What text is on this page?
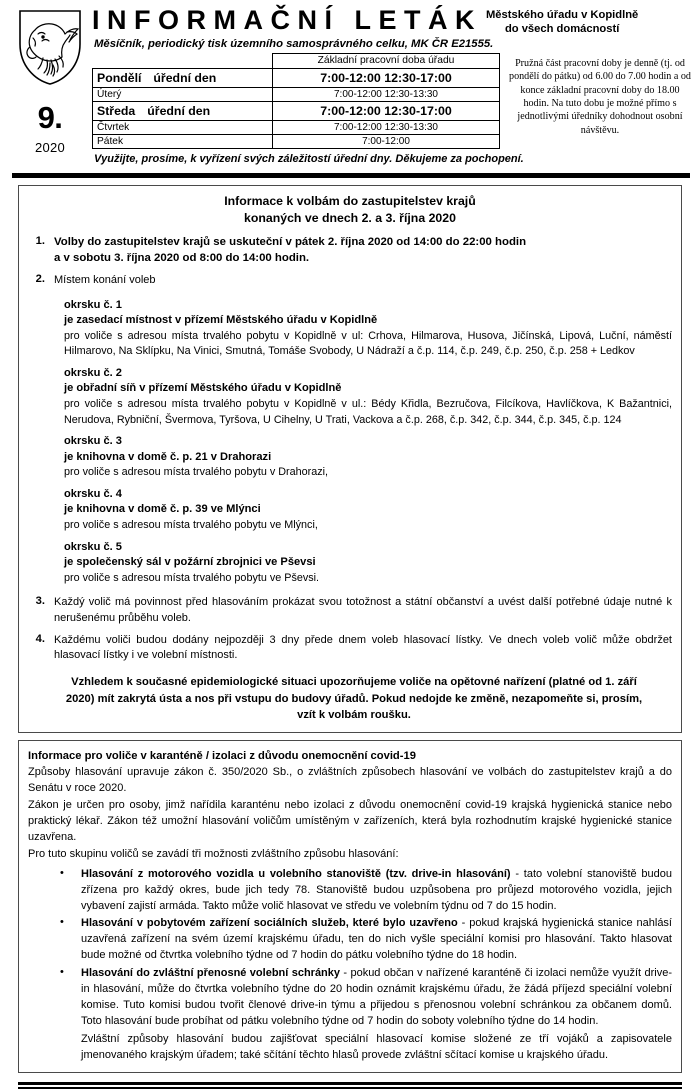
9.
2020
INFORMAČNÍ LETÁK Městského úřadu v Kopidlně
do všech domácností
Měsíčník, periodický tisk územního samosprávného celku, MK ČR E21555.
	Základní pracovní doba úřadu
Pondělí úřední den	7:00-12:00 12:30-17:00
Úterý	7:00-12:00 12:30-13:30
Středa úřední den	7:00-12:00 12:30-17:00
Čtvrtek	7:00-12:00 12:30-13:30
Pátek	7:00-12:00
Pružná část pracovní doby je denně (tj. od pondělí do pátku) od 6.00 do 7.00 hodin a od konce základní pracovní doby do 18.00 hodin. Na tuto dobu je možné přímo s jednotlivými úředníky dohodnout osobní návštěvu.
Využijte, prosíme, k vyřízení svých záležitostí úřední dny. Děkujeme za pochopení.
Informace k volbám do zastupitelstev krajů
konaných ve dnech 2. a 3. října 2020
1. Volby do zastupitelstev krajů se uskuteční v pátek 2. října 2020 od 14:00 do 22:00 hodin
a v sobotu 3. října 2020 od 8:00 do 14:00 hodin.
2. Místem konání voleb
okrsku č. 1
je zasedací místnost v přízemí Městského úřadu v Kopidlně
pro voliče s adresou místa trvalého pobytu v Kopidlně v ul: Crhova, Hilmarova, Husova, Jičínská, Lipová, Luční, náměstí Hilmarovo, Na Sklípku, Na Vinici, Smutná, Tomáše Svobody, U Nádraží a č.p. 114, č.p. 249, č.p. 250, č.p. 258 + Ledkov
okrsku č. 2
je obřadní síň v přízemí Městského úřadu v Kopidlně
pro voliče s adresou místa trvalého pobytu v Kopidlně v ul.: Bédy Křidla, Bezručova, Filcíkova, Havlíčkova, K Bažantnici, Nerudova, Rybniční, Švermova, Tyršova, U Cihelny, U Trati, Vackova a č.p. 268, č.p. 342, č.p. 344, č.p. 345, č.p. 124
okrsku č. 3
je knihovna v domě č. p. 21 v Drahorazi
pro voliče s adresou místa trvalého pobytu v Drahorazi,
okrsku č. 4
je knihovna v domě č. p. 39 ve Mlýnci
pro voliče s adresou místa trvalého pobytu ve Mlýnci,
okrsku č. 5
je společenský sál v požární zbrojnici ve Pševsi
pro voliče s adresou místa trvalého pobytu ve Pševsi.
3. Každý volič má povinnost před hlasováním prokázat svou totožnost a státní občanství a uvést další potřebné údaje nutné k nerušenému průběhu voleb.
4. Každému voliči budou dodány nejpozději 3 dny přede dnem voleb hlasovací lístky. Ve dnech voleb volič může obdržet hlasovací lístky i ve volební místnosti.
Vzhledem k současné epidemiologické situaci upozorňujeme voliče na opětovné nařízení (platné od 1. září 2020) mít zakrytá ústa a nos při vstupu do budovy úřadů. Pokud nedojde ke změně, nezapomeňte si, prosím, vzít k volbám roušku.
Informace pro voliče v karanténě / izolaci z důvodu onemocnění covid-19
Způsoby hlasování upravuje zákon č. 350/2020 Sb., o zvláštních způsobech hlasování ve volbách do zastupitelstev krajů a do Senátu v roce 2020.
Zákon je určen pro osoby, jimž nařídila karanténu nebo izolaci z důvodu onemocnění covid-19 krajská hygienická stanice nebo praktický lékař. Zákon též umožní hlasování voličům umístěným v zařízeních, která byla rozhodnutím krajské hygienické stanice uzavřena.
Pro tuto skupinu voličů se zavádí tři možnosti zvláštního způsobu hlasování:
• Hlasování z motorového vozidla u volebního stanoviště (tzv. drive-in hlasování) - tato volební stanoviště budou zřízena pro každý okres, bude jich tedy 78. Stanoviště budou uzpůsobena pro průjezd motorového vozidla, jejich vybavení zajistí armáda. Takto může volič hlasovat ve středu ve volebním týdnu od 7 do 15 hodin.
• Hlasování v pobytovém zařízení sociálních služeb, které bylo uzavřeno - pokud krajská hygienická stanice nahlásí uzavřená zařízení na svém území krajskému úřadu, ten do nich vyšle speciální komisi pro hlasování. Takto hlasovat bude možné od čtvrtka volebního týdne od 7 hodin do pátku volebního týdne do 18 hodin.
• Hlasování do zvláštní přenosné volební schránky - pokud občan v nařízené karanténě či izolaci nemůže využít drive-in hlasování, může do čtvrtka volebního týdne do 20 hodin oznámit krajskému úřadu, že žádá příjezd speciální volební komise. Tuto komisi budou tvořit členové drive-in týmu a přijedou s přenosnou volební schránkou za občanem domů. Toto hlasování bude probíhat od pátku volebního týdne od 7 hodin do soboty volebního týdne do 14 hodin.
Zvláštní způsoby hlasování budou zajišťovat speciální hlasovací komise složené ze tří vojáků a zapisovatele jmenovaného krajským úřadem; také sčítání těchto hlasů provede zvláštní sčítací komise u krajského úřadu.
